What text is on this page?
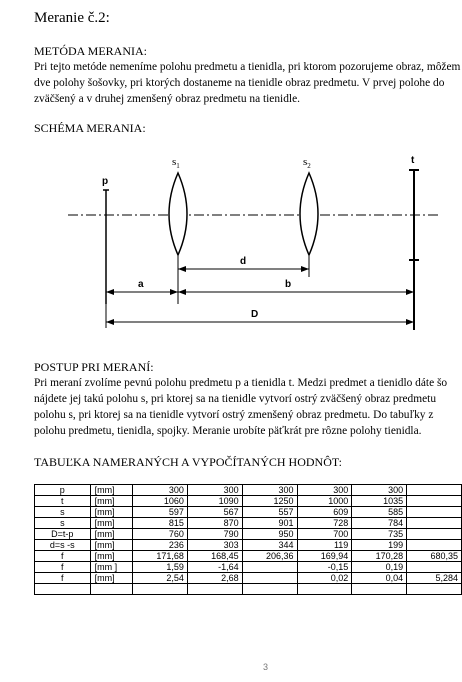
Meranie č.2:
METÓDA MERANIA:
Pri tejto metóde nemeníme polohu predmetu a tienidla, pri ktorom pozorujeme obraz, môžem
dve polohy šošovky, pri ktorých dostaneme na tienidle obraz predmetu. V prvej polohe do
zväčšený a v druhej zmenšený obraz predmetu na tienidle.
SCHÉMA MERANIA:
p
$s_1$	$s_2$
t
d
a	b
D
POSTUP PRI MERANÍ:
Pri meraní zvolíme pevnú polohu predmetu p a tienidla t. Medzi predmet a tienidlo dáte šo
nájdete jej takú polohu s, pri ktorej sa na tienidle vytvorí ostrý zväčšený obraz predmetu
polohu s, pri ktorej sa na tienidle vytvorí ostrý zmenšený obraz predmetu. Do tabuľky z
polohu predmetu, tienidla, spojky. Meranie urobíte päťkrát pre rôzne polohy tienidla.
TABUĽKA NAMERANÝCH A VYPOČÍTANÝCH HODNÔT:
p	[mm]	300	300	300	300	300	
t	[mm]	1060	1090	1250	1000	1035	
s	[mm]	597	567	557	609	585	
s	[mm]	815	870	901	728	784	
D=t-p	[mm]	760	790	950	700	735	
d=s -s	[mm]	236	303	344	119	199	
f	[mm]	171,68	168,45	206,36	169,94	170,28	680,35
f	[mm ]	1,59	-1,64		-0,15	0,19	
f	[mm]	2,54	2,68		0,02	0,04	5,284

3
